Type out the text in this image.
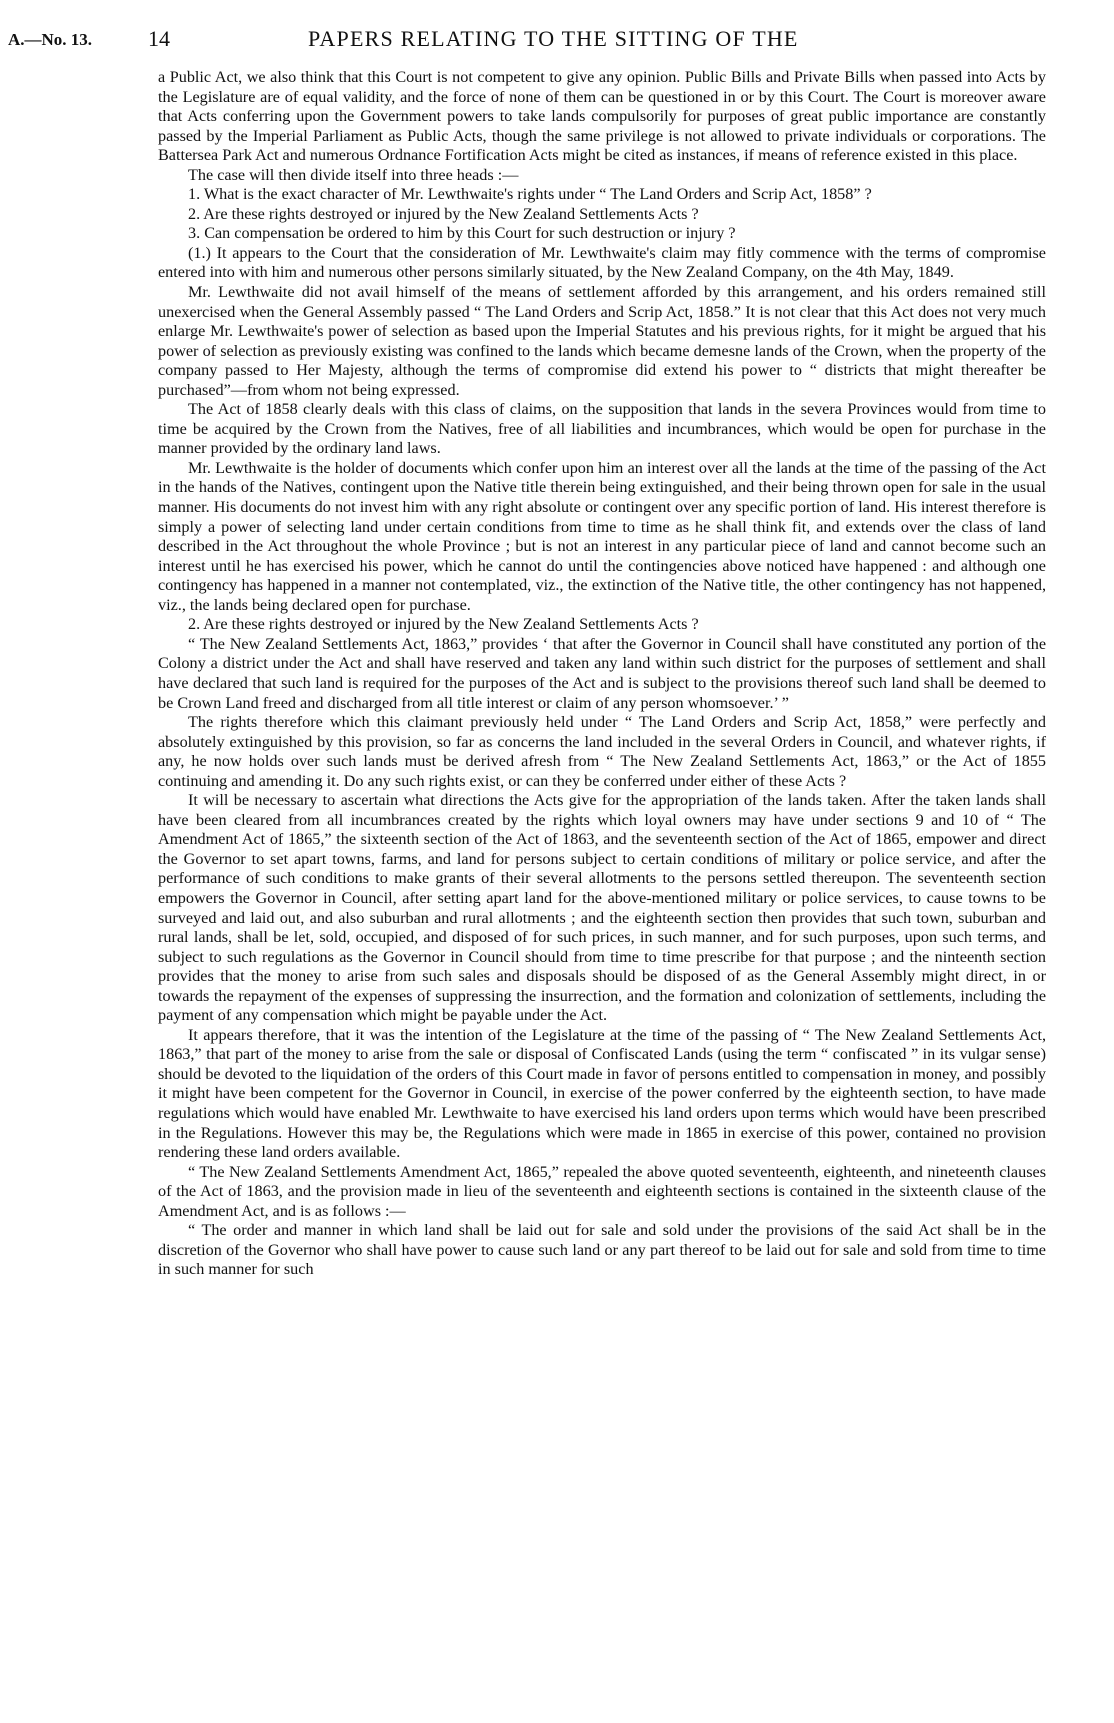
A.—No. 13.	14	PAPERS RELATING TO THE SITTING OF THE

a Public Act, we also think that this Court is not competent to give any opinion. Public Bills and Private Bills when passed into Acts by the Legislature are of equal validity, and the force of none of them can be questioned in or by this Court. The Court is moreover aware that Acts conferring upon the Government powers to take lands compulsorily for purposes of great public importance are constantly passed by the Imperial Parliament as Public Acts, though the same privilege is not allowed to private individuals or corporations. The Battersea Park Act and numerous Ordnance Fortification Acts might be cited as instances, if means of reference existed in this place.

The case will then divide itself into three heads :—

1. What is the exact character of Mr. Lewthwaite's rights under “ The Land Orders and Scrip Act, 1858” ?

2. Are these rights destroyed or injured by the New Zealand Settlements Acts ?

3. Can compensation be ordered to him by this Court for such destruction or injury ?

(1.) It appears to the Court that the consideration of Mr. Lewthwaite's claim may fitly commence with the terms of compromise entered into with him and numerous other persons similarly situated, by the New Zealand Company, on the 4th May, 1849.

Mr. Lewthwaite did not avail himself of the means of settlement afforded by this arrangement, and his orders remained still unexercised when the General Assembly passed “ The Land Orders and Scrip Act, 1858.” It is not clear that this Act does not very much enlarge Mr. Lewthwaite's power of selection as based upon the Imperial Statutes and his previous rights, for it might be argued that his power of selection as previously existing was confined to the lands which became demesne lands of the Crown, when the property of the company passed to Her Majesty, although the terms of compromise did extend his power to “ districts that might thereafter be purchased”—from whom not being expressed.

The Act of 1858 clearly deals with this class of claims, on the supposition that lands in the severa Provinces would from time to time be acquired by the Crown from the Natives, free of all liabilities and incumbrances, which would be open for purchase in the manner provided by the ordinary land laws.

Mr. Lewthwaite is the holder of documents which confer upon him an interest over all the lands at the time of the passing of the Act in the hands of the Natives, contingent upon the Native title therein being extinguished, and their being thrown open for sale in the usual manner. His documents do not invest him with any right absolute or contingent over any specific portion of land. His interest therefore is simply a power of selecting land under certain conditions from time to time as he shall think fit, and extends over the class of land described in the Act throughout the whole Province ; but is not an interest in any particular piece of land and cannot become such an interest until he has exercised his power, which he cannot do until the contingencies above noticed have happened : and although one contingency has happened in a manner not contemplated, viz., the extinction of the Native title, the other contingency has not happened, viz., the lands being declared open for purchase.

2. Are these rights destroyed or injured by the New Zealand Settlements Acts ?

“ The New Zealand Settlements Act, 1863,” provides ‘ that after the Governor in Council shall have constituted any portion of the Colony a district under the Act and shall have reserved and taken any land within such district for the purposes of settlement and shall have declared that such land is required for the purposes of the Act and is subject to the provisions thereof such land shall be deemed to be Crown Land freed and discharged from all title interest or claim of any person whomsoever.’ ”

The rights therefore which this claimant previously held under “ The Land Orders and Scrip Act, 1858,” were perfectly and absolutely extinguished by this provision, so far as concerns the land included in the several Orders in Council, and whatever rights, if any, he now holds over such lands must be derived afresh from “ The New Zealand Settlements Act, 1863,” or the Act of 1855 continuing and amending it. Do any such rights exist, or can they be conferred under either of these Acts ?

It will be necessary to ascertain what directions the Acts give for the appropriation of the lands taken. After the taken lands shall have been cleared from all incumbrances created by the rights which loyal owners may have under sections 9 and 10 of “ The Amendment Act of 1865,” the sixteenth section of the Act of 1863, and the seventeenth section of the Act of 1865, empower and direct the Governor to set apart towns, farms, and land for persons subject to certain conditions of military or police service, and after the performance of such conditions to make grants of their several allotments to the persons settled thereupon. The seventeenth section empowers the Governor in Council, after setting apart land for the above-mentioned military or police services, to cause towns to be surveyed and laid out, and also suburban and rural allotments ; and the eighteenth section then provides that such town, suburban and rural lands, shall be let, sold, occupied, and disposed of for such prices, in such manner, and for such purposes, upon such terms, and subject to such regulations as the Governor in Council should from time to time prescribe for that purpose ; and the ninteenth section provides that the money to arise from such sales and disposals should be disposed of as the General Assembly might direct, in or towards the repayment of the expenses of suppressing the insurrection, and the formation and colonization of settlements, including the payment of any compensation which might be payable under the Act.

It appears therefore, that it was the intention of the Legislature at the time of the passing of “ The New Zealand Settlements Act, 1863,” that part of the money to arise from the sale or disposal of Confiscated Lands (using the term “ confiscated ” in its vulgar sense) should be devoted to the liquidation of the orders of this Court made in favor of persons entitled to compensation in money, and possibly it might have been competent for the Governor in Council, in exercise of the power conferred by the eighteenth section, to have made regulations which would have enabled Mr. Lewthwaite to have exercised his land orders upon terms which would have been prescribed in the Regulations. However this may be, the Regulations which were made in 1865 in exercise of this power, contained no provision rendering these land orders available.

“ The New Zealand Settlements Amendment Act, 1865,” repealed the above quoted seventeenth, eighteenth, and nineteenth clauses of the Act of 1863, and the provision made in lieu of the seventeenth and eighteenth sections is contained in the sixteenth clause of the Amendment Act, and is as follows :—

“ The order and manner in which land shall be laid out for sale and sold under the provisions of the said Act shall be in the discretion of the Governor who shall have power to cause such land or any part thereof to be laid out for sale and sold from time to time in such manner for such
